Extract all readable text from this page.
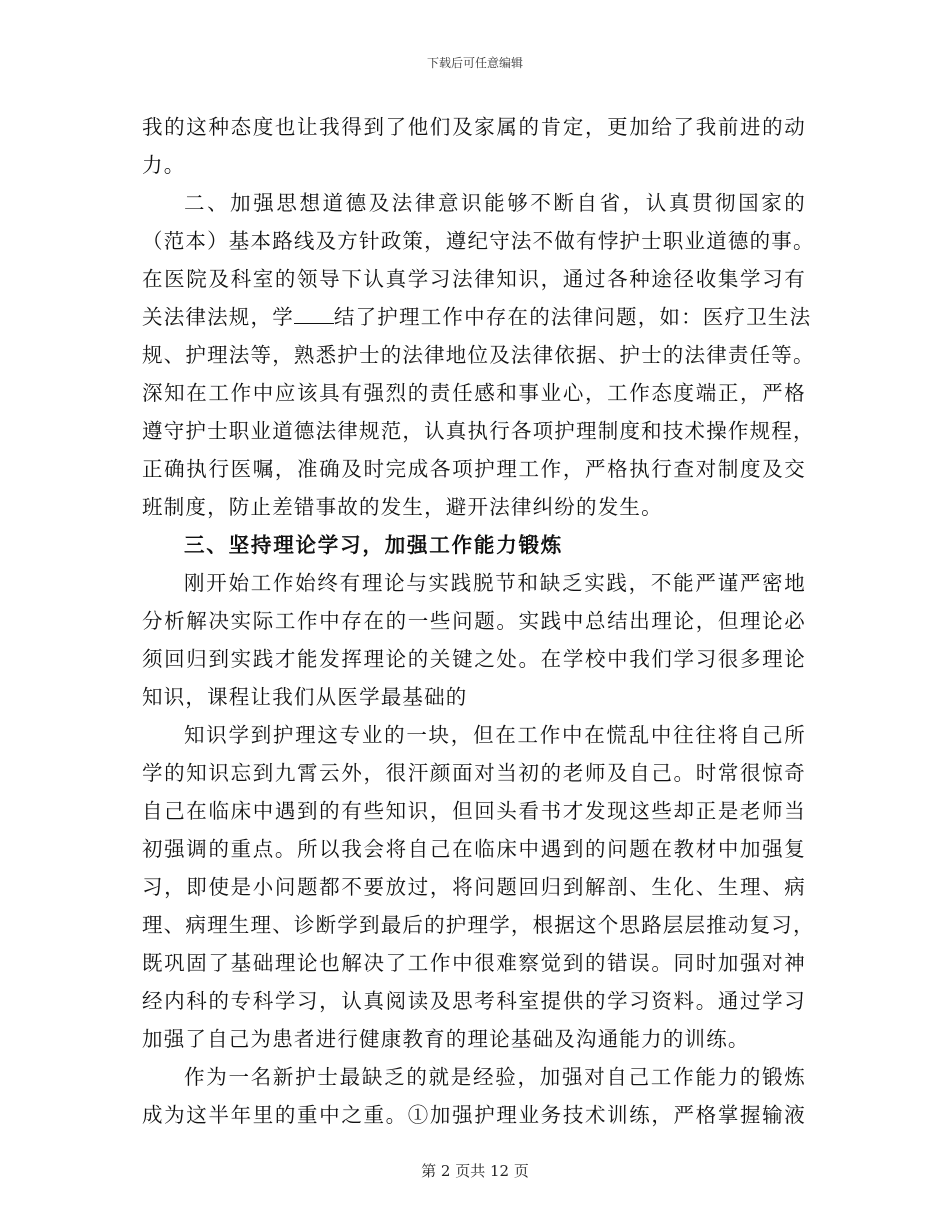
下载后可任意编辑
我的这种态度也让我得到了他们及家属的肯定，更加给了我前进的动
力。
二、加强思想道德及法律意识能够不断自省，认真贯彻国家的
（范本）基本路线及方针政策，遵纪守法不做有悖护士职业道德的事。
在医院及科室的领导下认真学习法律知识，通过各种途径收集学习有
关法律法规，学 结了护理工作中存在的法律问题，如：医疗卫生法
规、护理法等，熟悉护士的法律地位及法律依据、护士的法律责任等。
深知在工作中应该具有强烈的责任感和事业心，工作态度端正，严格
遵守护士职业道德法律规范，认真执行各项护理制度和技术操作规程，
正确执行医嘱，准确及时完成各项护理工作，严格执行查对制度及交
班制度，防止差错事故的发生，避开法律纠纷的发生。
三、坚持理论学习，加强工作能力锻炼
刚开始工作始终有理论与实践脱节和缺乏实践，不能严谨严密地
分析解决实际工作中存在的一些问题。实践中总结出理论，但理论必
须回归到实践才能发挥理论的关键之处。在学校中我们学习很多理论
知识，课程让我们从医学最基础的
知识学到护理这专业的一块，但在工作中在慌乱中往往将自己所
学的知识忘到九霄云外，很汗颜面对当初的老师及自己。时常很惊奇
自己在临床中遇到的有些知识，但回头看书才发现这些却正是老师当
初强调的重点。所以我会将自己在临床中遇到的问题在教材中加强复
习，即使是小问题都不要放过，将问题回归到解剖、生化、生理、病
理、病理生理、诊断学到最后的护理学，根据这个思路层层推动复习，
既巩固了基础理论也解决了工作中很难察觉到的错误。同时加强对神
经内科的专科学习，认真阅读及思考科室提供的学习资料。通过学习
加强了自己为患者进行健康教育的理论基础及沟通能力的训练。
作为一名新护士最缺乏的就是经验，加强对自己工作能力的锻炼
成为这半年里的重中之重。①加强护理业务技术训练，严格掌握输液
第 2 页共 12 页
